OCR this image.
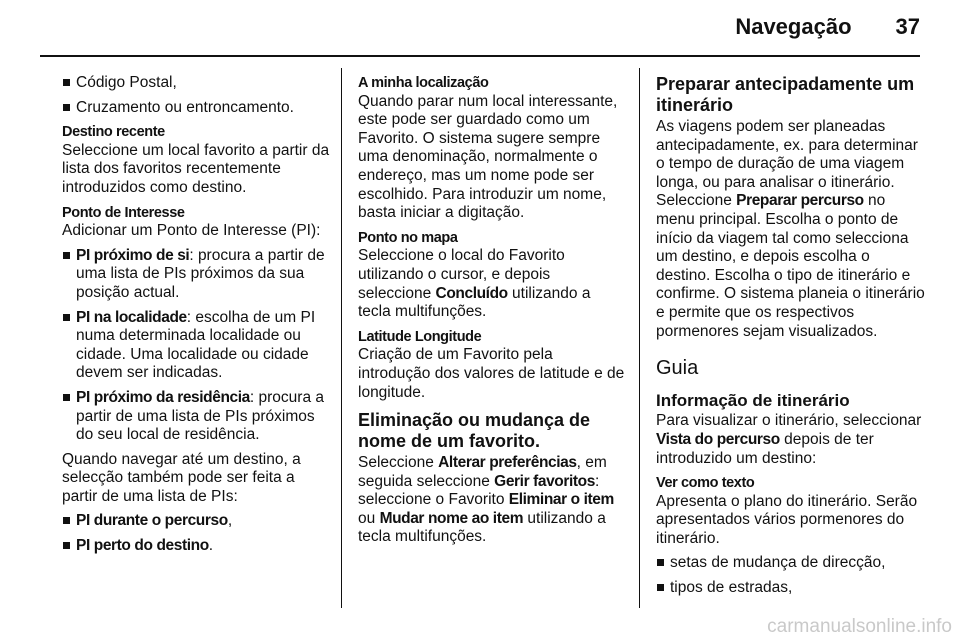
Navegação 37
Código Postal,
Cruzamento ou entroncamento.
Destino recente

Seleccione um local favorito a partir da lista dos favoritos recentemente introduzidos como destino.

Ponto de Interesse

Adicionar um Ponto de Interesse (PI):

PI próximo de si: procura a partir de uma lista de PIs próximos da sua posição actual.
PI na localidade: escolha de um PI numa determinada localidade ou cidade. Uma localidade ou cidade devem ser indicadas.
PI próximo da residência: procura a partir de uma lista de PIs próximos do seu local de residência.

Quando navegar até um destino, a selecção também pode ser feita a partir de uma lista de PIs:

PI durante o percurso,
PI perto do destino.
A minha localização

Quando parar num local interessante, este pode ser guardado como um Favorito. O sistema sugere sempre uma denominação, normalmente o endereço, mas um nome pode ser escolhido. Para introduzir um nome, basta iniciar a digitação.

Ponto no mapa

Seleccione o local do Favorito utilizando o cursor, e depois seleccione Concluído utilizando a tecla multifunções.

Latitude Longitude

Criação de um Favorito pela introdução dos valores de latitude e de longitude.

Eliminação ou mudança de nome de um favorito.

Seleccione Alterar preferências, em seguida seleccione Gerir favoritos: seleccione o Favorito Eliminar o item ou Mudar nome ao item utilizando a tecla multifunções.

Preparar antecipadamente um itinerário

As viagens podem ser planeadas antecipadamente, ex. para determinar o tempo de duração de uma viagem longa, ou para analisar o itinerário. Seleccione Preparar percurso no menu principal. Escolha o ponto de início da viagem tal como selecciona um destino, e depois escolha o destino. Escolha o tipo de itinerário e confirme. O sistema planeia o itinerário e permite que os respectivos pormenores sejam visualizados.

Guia
Informação de itinerário

Para visualizar o itinerário, seleccionar Vista do percurso depois de ter introduzido um destino:

Ver como texto

Apresenta o plano do itinerário. Serão apresentados vários pormenores do itinerário.

setas de mudança de direcção,
tipos de estradas,
carmanualsonline.info
